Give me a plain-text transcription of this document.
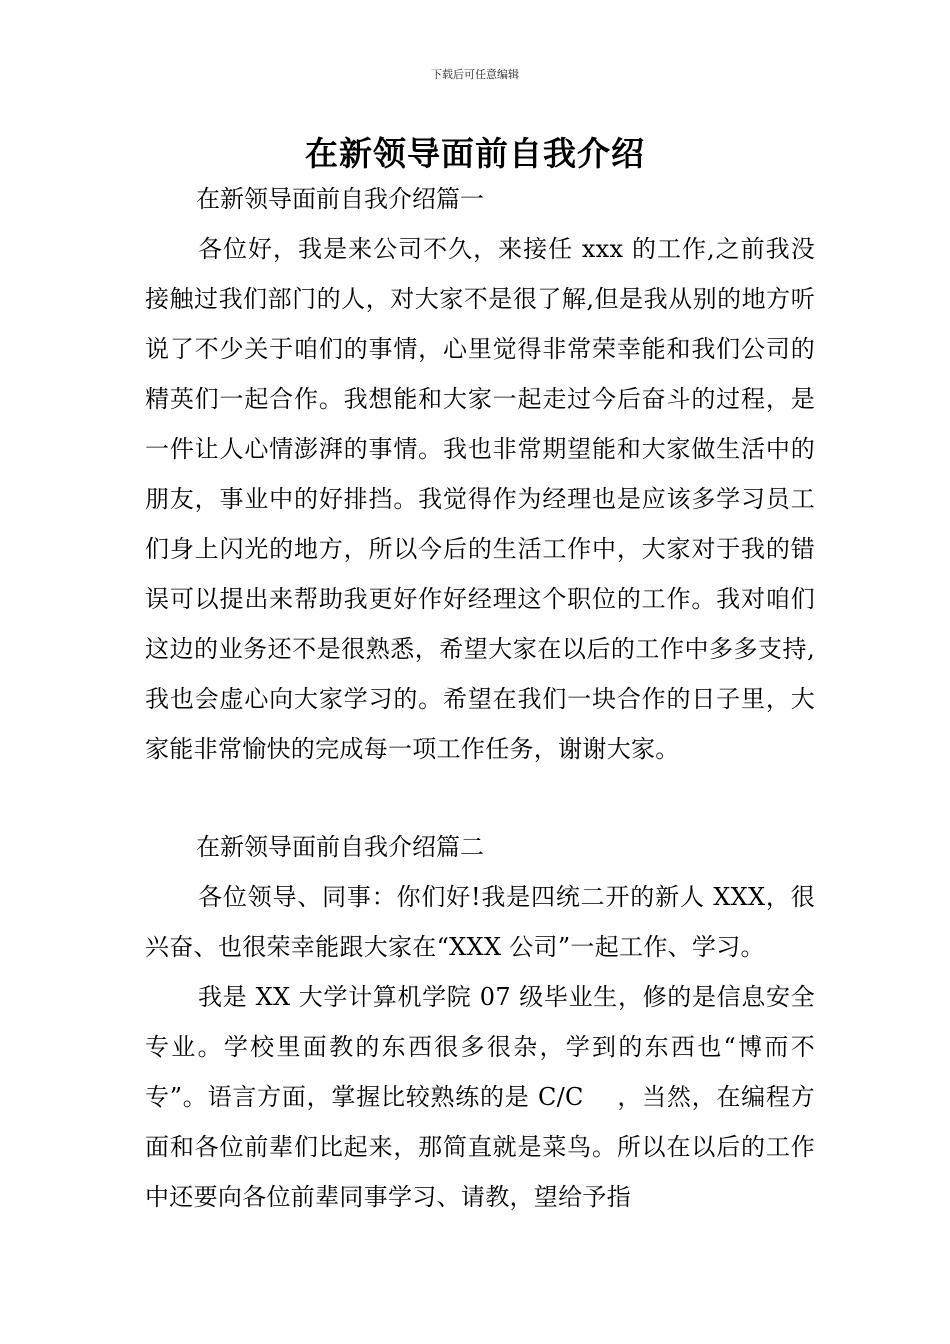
下载后可任意编辑
在新领导面前自我介绍
在新领导面前自我介绍篇一

各位好，我是来公司不久，来接任 xxx 的工作,之前我没接触过我们部门的人，对大家不是很了解,但是我从别的地方听说了不少关于咱们的事情，心里觉得非常荣幸能和我们公司的精英们一起合作。我想能和大家一起走过今后奋斗的过程，是一件让人心情澎湃的事情。我也非常期望能和大家做生活中的朋友，事业中的好排挡。我觉得作为经理也是应该多学习员工们身上闪光的地方，所以今后的生活工作中，大家对于我的错误可以提出来帮助我更好作好经理这个职位的工作。我对咱们这边的业务还不是很熟悉，希望大家在以后的工作中多多支持,我也会虚心向大家学习的。希望在我们一块合作的日子里，大家能非常愉快的完成每一项工作任务，谢谢大家。

在新领导面前自我介绍篇二

各位领导、同事：你们好!我是四统二开的新人 XXX，很兴奋、也很荣幸能跟大家在“XXX 公司”一起工作、学习。

我是 XX 大学计算机学院 07 级毕业生，修的是信息安全专业。学校里面教的东西很多很杂，学到的东西也“博而不专”。语言方面，掌握比较熟练的是 C/C　 ，当然，在编程方面和各位前辈们比起来，那简直就是菜鸟。所以在以后的工作中还要向各位前辈同事学习、请教，望给予指
